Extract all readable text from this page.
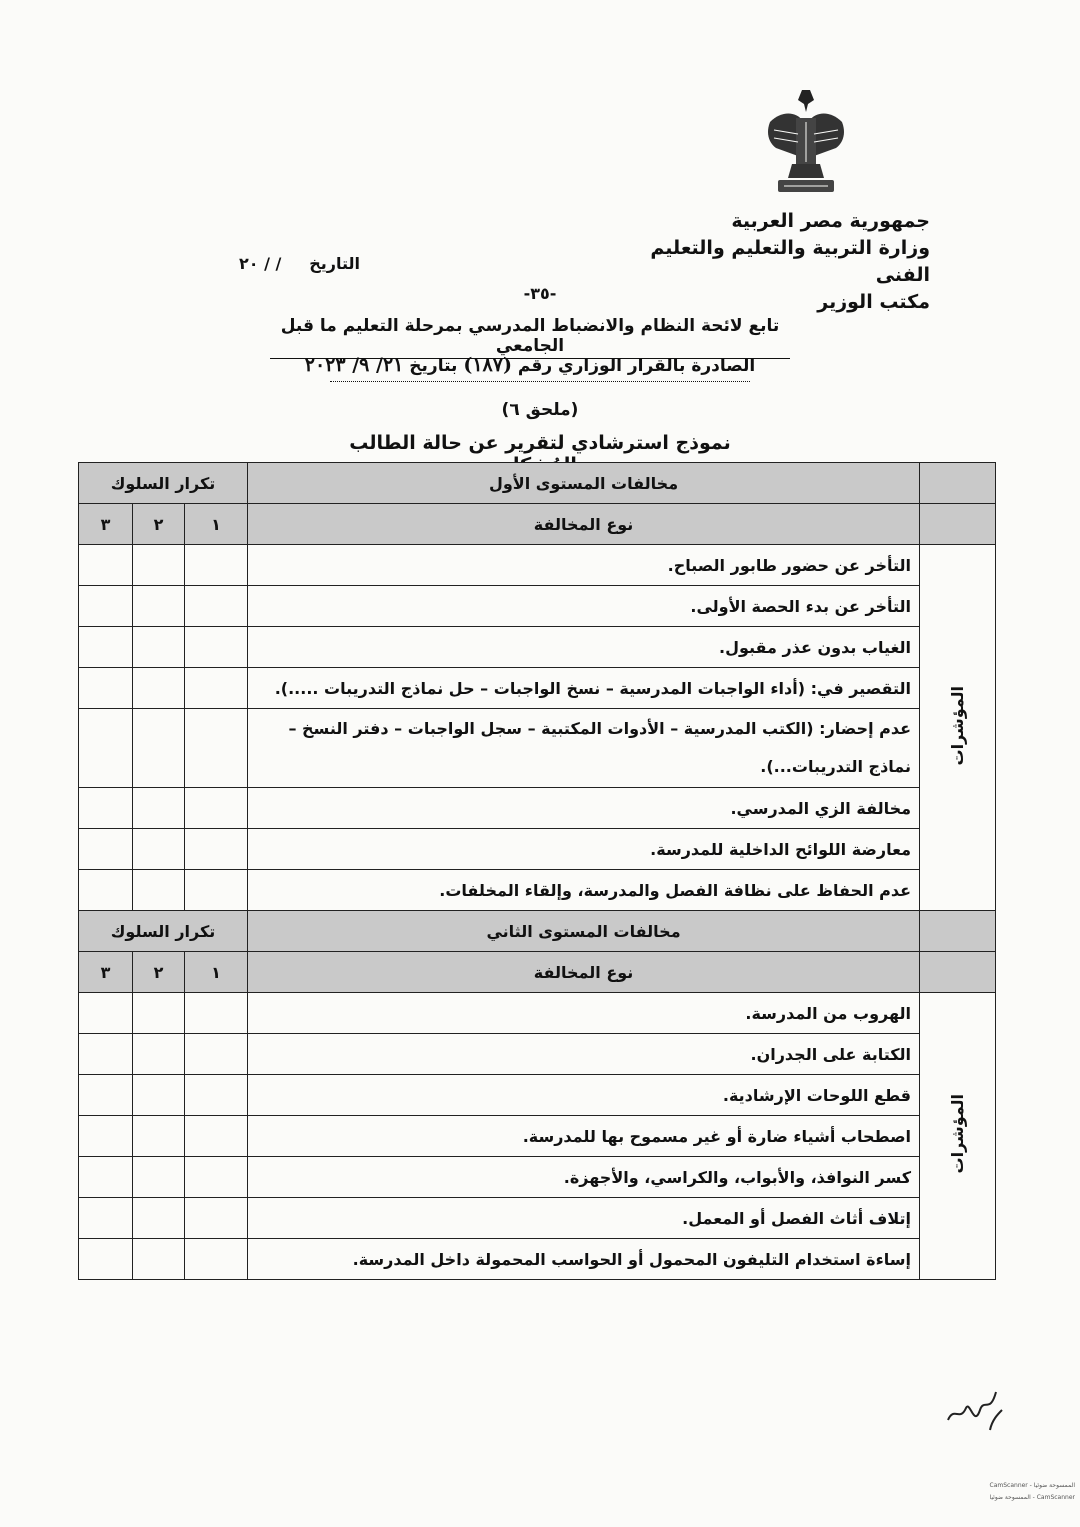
جمهورية مصر العربية
وزارة التربية والتعليم والتعليم الفنى
مكتب الوزير
التاريخ     / / ٢٠
-٣٥-
تابع لائحة النظام والانضباط المدرسي بمرحلة التعليم ما قبل الجامعي
الصادرة بالقرار الوزاري رقم (١٨٧) بتاريخ ٢١/ ٩/ ٢٠٢٣
(ملحق ٦)
نموذج استرشادي لتقرير عن حالة الطالب
	مخالفات المستوى الأول	تكرار السلوك		
	نوع المخالفة	١	٢	٣
المؤشرات	التأخر عن حضور طابور الصباح.			
	التأخر عن بدء الحصة الأولى.			
	الغياب بدون عذر مقبول.			
	التقصير في: (أداء الواجبات المدرسية – نسخ الواجبات – حل نماذج التدريبات .....).			
	عدم إحضار: (الكتب المدرسية – الأدوات المكتبية – سجل الواجبات – دفتر النسخ – نماذج التدريبات...).			
	مخالفة الزي المدرسي.			
	معارضة اللوائح الداخلية للمدرسة.			
	عدم الحفاظ على نظافة الفصل والمدرسة، وإلقاء المخلفات.			
	مخالفات المستوى الثاني	تكرار السلوك		
	نوع المخالفة	١	٢	٣
المؤشرات	الهروب من المدرسة.			
	الكتابة على الجدران.			
	قطع اللوحات الإرشادية.			
	اصطحاب أشياء ضارة أو غير مسموح بها للمدرسة.			
	كسر النوافذ، والأبواب، والكراسي، والأجهزة.			
	إتلاف أثاث الفصل أو المعمل.			
	إساءة استخدام التليفون المحمول أو الحواسب المحمولة داخل المدرسة.			
CamScanner - الممسوحة ضوئيا
الممسوحة ضوئيا - CamScanner
